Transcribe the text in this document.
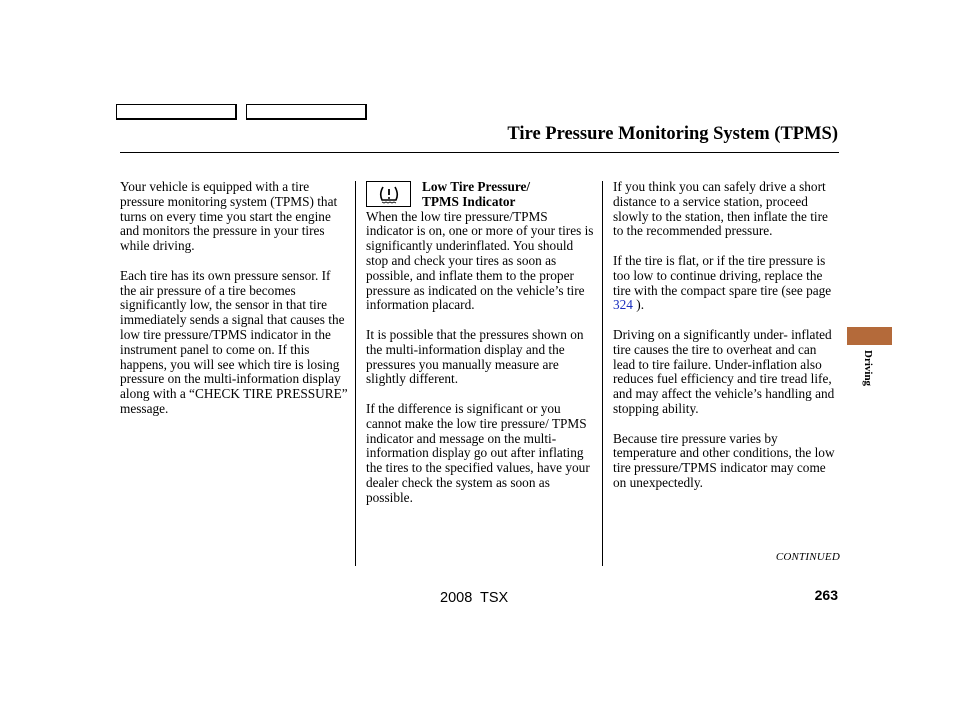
Tire Pressure Monitoring System (TPMS)

Your vehicle is equipped with a tire pressure monitoring system (TPMS) that turns on every time you start the engine and monitors the pressure in your tires while driving.

Each tire has its own pressure sensor. If the air pressure of a tire becomes significantly low, the sensor in that tire immediately sends a signal that causes the low tire pressure/TPMS indicator in the instrument panel to come on. If this happens, you will see which tire is losing pressure on the multi-information display along with a “CHECK TIRE PRESSURE” message.

Low Tire Pressure/
TPMS Indicator

When the low tire pressure/TPMS indicator is on, one or more of your tires is significantly underinflated. You should stop and check your tires as soon as possible, and inflate them to the proper pressure as indicated on the vehicle’s tire information placard.

It is possible that the pressures shown on the multi-information display and the pressures you manually measure are slightly different.

If the difference is significant or you cannot make the low tire pressure/ TPMS indicator and message on the multi-information display go out after inflating the tires to the specified values, have your dealer check the system as soon as possible.

If you think you can safely drive a short distance to a service station, proceed slowly to the station, then inflate the tire to the recommended pressure.

If the tire is flat, or if the tire pressure is too low to continue driving, replace the tire with the compact spare tire (see page 324 ).

Driving on a significantly under- inflated tire causes the tire to overheat and can lead to tire failure. Under-inflation also reduces fuel efficiency and tire tread life, and may affect the vehicle’s handling and stopping ability.

Because tire pressure varies by temperature and other conditions, the low tire pressure/TPMS indicator may come on unexpectedly.

Driving
CONTINUED
2008 TSX	263
